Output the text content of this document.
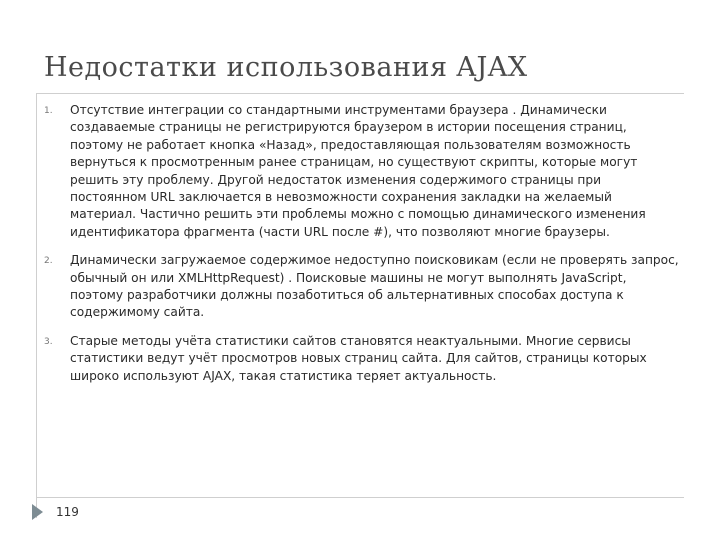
Недостатки использования AJAX
1.	Отсутствие интеграции со стандартными инструментами браузера . Динамически создаваемые страницы не регистрируются браузером в истории посещения страниц, поэтому не работает кнопка «Назад», предоставляющая пользователям возможность вернуться к просмотренным ранее страницам, но существуют скрипты, которые могут решить эту проблему. Другой недостаток изменения содержимого страницы при постоянном URL заключается в невозможности сохранения закладки на желаемый материал. Частично решить эти проблемы можно с помощью динамического изменения идентификатора фрагмента (части URL после #), что позволяют многие браузеры.
2.	Динамически загружаемое содержимое недоступно поисковикам (если не проверять запрос, обычный он или XMLHttpRequest) . Поисковые машины не могут выполнять JavaScript, поэтому разработчики должны позаботиться об альтернативных способах доступа к содержимому сайта.
3.	Старые методы учёта статистики сайтов становятся неактуальными. Многие сервисы статистики ведут учёт просмотров новых страниц сайта. Для сайтов, страницы которых широко используют AJAX, такая статистика теряет актуальность.
119
